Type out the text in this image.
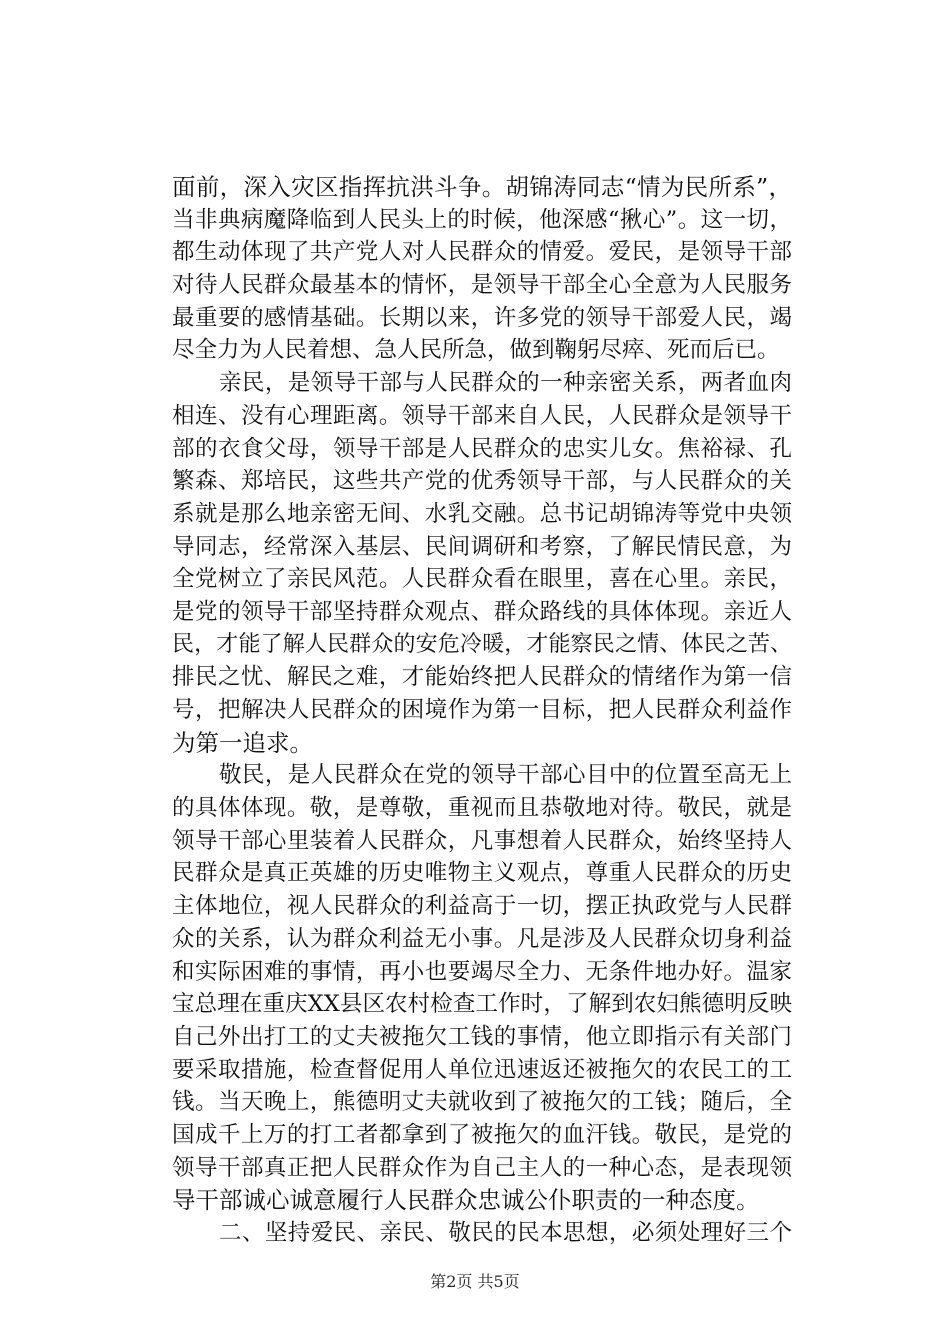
面前，深入灾区指挥抗洪斗争。胡锦涛同志“情为民所系”，
当非典病魔降临到人民头上的时候，他深感“揪心”。这一切，
都生动体现了共产党人对人民群众的情爱。爱民，是领导干部
对待人民群众最基本的情怀，是领导干部全心全意为人民服务
最重要的感情基础。长期以来，许多党的领导干部爱人民，竭
尽全力为人民着想、急人民所急，做到鞠躬尽瘁、死而后已。
亲民，是领导干部与人民群众的一种亲密关系，两者血肉
相连、没有心理距离。领导干部来自人民，人民群众是领导干
部的衣食父母，领导干部是人民群众的忠实儿女。焦裕禄、孔
繁森、郑培民，这些共产党的优秀领导干部，与人民群众的关
系就是那么地亲密无间、水乳交融。总书记胡锦涛等党中央领
导同志，经常深入基层、民间调研和考察，了解民情民意，为
全党树立了亲民风范。人民群众看在眼里，喜在心里。亲民，
是党的领导干部坚持群众观点、群众路线的具体体现。亲近人
民，才能了解人民群众的安危冷暖，才能察民之情、体民之苦、
排民之忧、解民之难，才能始终把人民群众的情绪作为第一信
号，把解决人民群众的困境作为第一目标，把人民群众利益作
为第一追求。
敬民，是人民群众在党的领导干部心目中的位置至高无上
的具体体现。敬，是尊敬，重视而且恭敬地对待。敬民，就是
领导干部心里装着人民群众，凡事想着人民群众，始终坚持人
民群众是真正英雄的历史唯物主义观点，尊重人民群众的历史
主体地位，视人民群众的利益高于一切，摆正执政党与人民群
众的关系，认为群众利益无小事。凡是涉及人民群众切身利益
和实际困难的事情，再小也要竭尽全力、无条件地办好。温家
宝总理在重庆XX县区农村检查工作时，了解到农妇熊德明反映
自己外出打工的丈夫被拖欠工钱的事情，他立即指示有关部门
要采取措施，检查督促用人单位迅速返还被拖欠的农民工的工
钱。当天晚上，熊德明丈夫就收到了被拖欠的工钱；随后，全
国成千上万的打工者都拿到了被拖欠的血汗钱。敬民，是党的
领导干部真正把人民群众作为自己主人的一种心态，是表现领
导干部诚心诚意履行人民群众忠诚公仆职责的一种态度。
二、坚持爱民、亲民、敬民的民本思想，必须处理好三个
第2页 共5页
